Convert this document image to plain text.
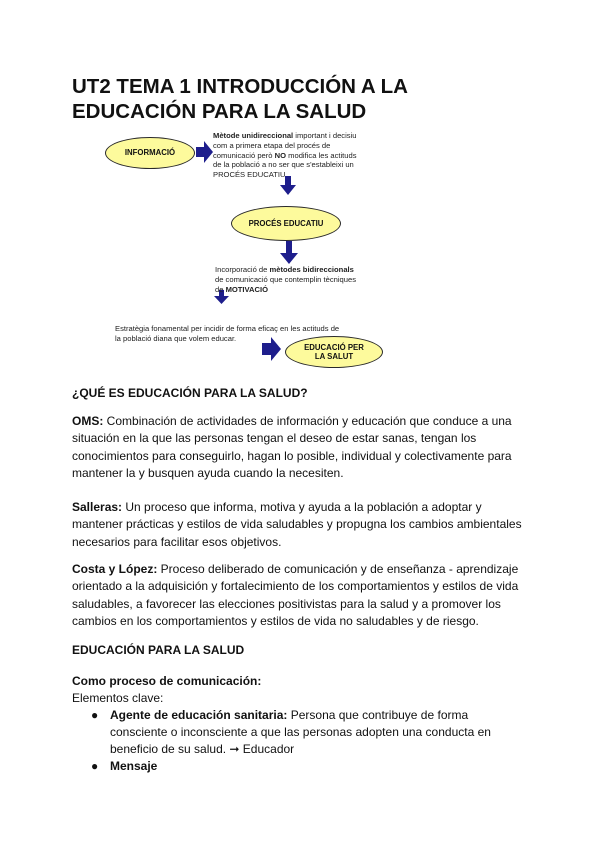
UT2 TEMA 1 INTRODUCCIÓN A LA
EDUCACIÓN PARA LA SALUD
INFORMACIÓ
Mètode unidireccional important i decisiu
com a primera etapa del procés de
comunicació però NO modifica les actituds
de la població a no ser que s'estableixi un
PROCÉS EDUCATIU
PROCÉS EDUCATIU
Incorporació de mètodes bidireccionals
de comunicació que contemplin tècniques
de MOTIVACIÓ
Estratègia fonamental per incidir de forma eficaç en les actituds de
la població diana que volem educar.
EDUCACIÓ PER
LA SALUT
¿QUÉ ES EDUCACIÓN PARA LA SALUD?

OMS: Combinación de actividades de información y educación que conduce a una
situación en la que las personas tengan el deseo de estar sanas, tengan los
conocimientos para conseguirlo, hagan lo posible, individual y colectivamente para
mantener la y busquen ayuda cuando la necesiten.

Salleras: Un proceso que informa, motiva y ayuda a la población a adoptar y
mantener prácticas y estilos de vida saludables y propugna los cambios ambientales
necesarios para facilitar esos objetivos.

Costa y López: Proceso deliberado de comunicación y de enseñanza - aprendizaje
orientado a la adquisición y fortalecimiento de los comportamientos y estilos de vida
saludables, a favorecer las elecciones positivistas para la salud y a promover los
cambios en los comportamientos y estilos de vida no saludables y de riesgo.

EDUCACIÓN PARA LA SALUD

Como proceso de comunicación:
Elementos clave:

● Agente de educación sanitaria: Persona que contribuye de forma
consciente o inconsciente a que las personas adopten una conducta en
beneficio de su salud. ➞ Educador
● Mensaje
